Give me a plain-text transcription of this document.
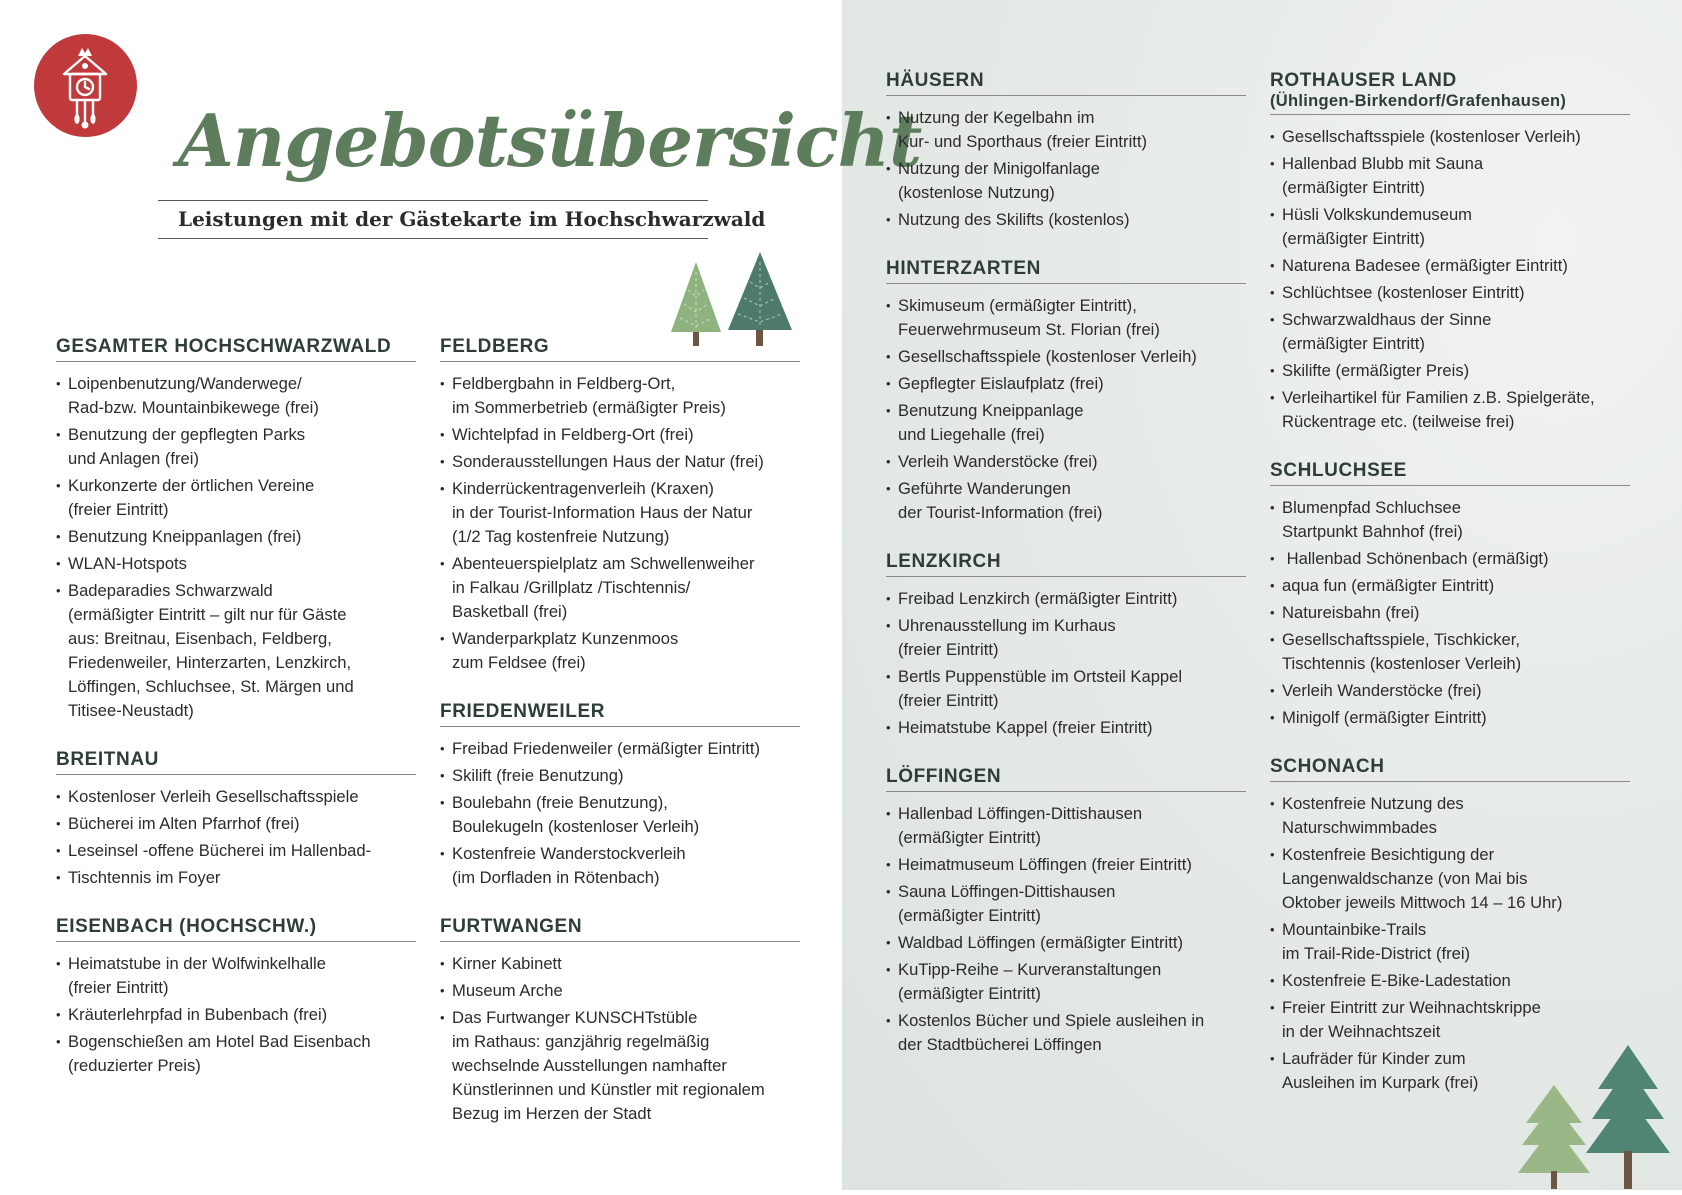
Angebotsübersicht
Leistungen mit der Gästekarte im Hochschwarzwald
GESAMTER HOCHSCHWARZWALD
• Loipenbenutzung/Wanderwege/
Rad-bzw. Mountainbikewege (frei)
• Benutzung der gepflegten Parks
und Anlagen (frei)
• Kurkonzerte der örtlichen Vereine
(freier Eintritt)
• Benutzung Kneippanlagen (frei)
• WLAN-Hotspots
• Badeparadies Schwarzwald
(ermäßigter Eintritt – gilt nur für Gäste
aus: Breitnau, Eisenbach, Feldberg,
Friedenweiler, Hinterzarten, Lenzkirch,
Löffingen, Schluchsee, St. Märgen und
Titisee-Neustadt)
BREITNAU
• Kostenloser Verleih Gesellschaftsspiele
• Bücherei im Alten Pfarrhof (frei)
• Leseinsel -offene Bücherei im Hallenbad-
• Tischtennis im Foyer
EISENBACH (HOCHSCHW.)
• Heimatstube in der Wolfwinkelhalle
(freier Eintritt)
• Kräuterlehrpfad in Bubenbach (frei)
• Bogenschießen am Hotel Bad Eisenbach
(reduzierter Preis)
FELDBERG
• Feldbergbahn in Feldberg-Ort,
im Sommerbetrieb (ermäßigter Preis)
• Wichtelpfad in Feldberg-Ort (frei)
• Sonderausstellungen Haus der Natur (frei)
• Kinderrückentragenverleih (Kraxen)
in der Tourist-Information Haus der Natur
(1/2 Tag kostenfreie Nutzung)
• Abenteuerspielplatz am Schwellenweiher
in Falkau /Grillplatz /Tischtennis/
Basketball (frei)
• Wanderparkplatz Kunzenmoos
zum Feldsee (frei)
FRIEDENWEILER
• Freibad Friedenweiler (ermäßigter Eintritt)
• Skilift (freie Benutzung)
• Boulebahn (freie Benutzung),
Boulekugeln (kostenloser Verleih)
• Kostenfreie Wanderstockverleih
(im Dorfladen in Rötenbach)
FURTWANGEN
• Kirner Kabinett
• Museum Arche
• Das Furtwanger KUNSCHTstüble
im Rathaus: ganzjährig regelmäßig
wechselnde Ausstellungen namhafter
Künstlerinnen und Künstler mit regionalem
Bezug im Herzen der Stadt
HÄUSERN
• Nutzung der Kegelbahn im
Kur- und Sporthaus (freier Eintritt)
• Nutzung der Minigolfanlage
(kostenlose Nutzung)
• Nutzung des Skilifts (kostenlos)
HINTERZARTEN
• Skimuseum (ermäßigter Eintritt),
Feuerwehrmuseum St. Florian (frei)
• Gesellschaftsspiele (kostenloser Verleih)
• Gepflegter Eislaufplatz (frei)
• Benutzung Kneippanlage
und Liegehalle (frei)
• Verleih Wanderstöcke (frei)
• Geführte Wanderungen
der Tourist-Information (frei)
LENZKIRCH
• Freibad Lenzkirch (ermäßigter Eintritt)
• Uhrenausstellung im Kurhaus
(freier Eintritt)
• Bertls Puppenstüble im Ortsteil Kappel
(freier Eintritt)
• Heimatstube Kappel (freier Eintritt)
LÖFFINGEN
• Hallenbad Löffingen-Dittishausen
(ermäßigter Eintritt)
• Heimatmuseum Löffingen (freier Eintritt)
• Sauna Löffingen-Dittishausen
(ermäßigter Eintritt)
• Waldbad Löffingen (ermäßigter Eintritt)
• KuTipp-Reihe – Kurveranstaltungen
(ermäßigter Eintritt)
• Kostenlos Bücher und Spiele ausleihen in
der Stadtbücherei Löffingen
ROTHAUSER LAND
(Ühlingen-Birkendorf/Grafenhausen)
• Gesellschaftsspiele (kostenloser Verleih)
• Hallenbad Blubb mit Sauna
(ermäßigter Eintritt)
• Hüsli Volkskundemuseum
(ermäßigter Eintritt)
• Naturena Badesee (ermäßigter Eintritt)
• Schlüchtsee (kostenloser Eintritt)
• Schwarzwaldhaus der Sinne
(ermäßigter Eintritt)
• Skilifte (ermäßigter Preis)
• Verleihartikel für Familien z.B. Spielgeräte,
Rückentrage etc. (teilweise frei)
SCHLUCHSEE
• Blumenpfad Schluchsee
Startpunkt Bahnhof (frei)
•  Hallenbad Schönenbach (ermäßigt)
• aqua fun (ermäßigter Eintritt)
• Natureisbahn (frei)
• Gesellschaftsspiele, Tischkicker,
Tischtennis (kostenloser Verleih)
• Verleih Wanderstöcke (frei)
• Minigolf (ermäßigter Eintritt)
SCHONACH
• Kostenfreie Nutzung des
Naturschwimmbades
• Kostenfreie Besichtigung der
Langenwaldschanze (von Mai bis
Oktober jeweils Mittwoch 14 – 16 Uhr)
• Mountainbike-Trails
im Trail-Ride-District (frei)
• Kostenfreie E-Bike-Ladestation
• Freier Eintritt zur Weihnachtskrippe
in der Weihnachtszeit
• Laufräder für Kinder zum
Ausleihen im Kurpark (frei)
